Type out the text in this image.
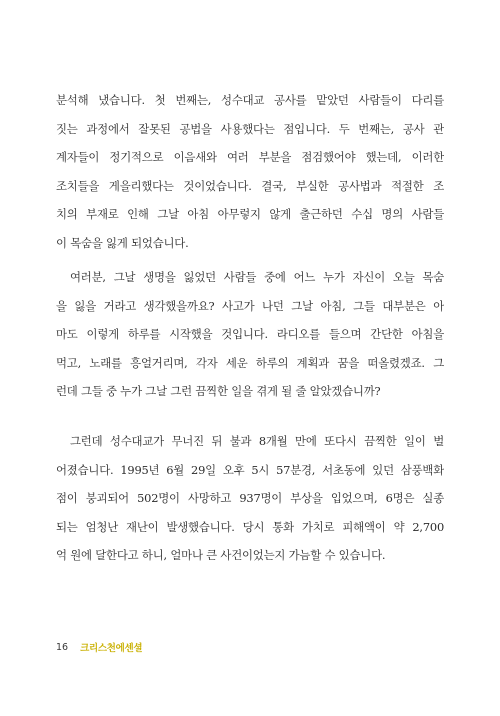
분석해 냈습니다. 첫 번째는, 성수대교 공사를 맡았던 사람들이 다리를
짓는 과정에서 잘못된 공법을 사용했다는 점입니다. 두 번째는, 공사 관
계자들이 정기적으로 이음새와 여러 부분을 점검했어야 했는데, 이러한
조치들을 게을리했다는 것이었습니다. 결국, 부실한 공사법과 적절한 조
치의 부재로 인해 그날 아침 아무렇지 않게 출근하던 수십 명의 사람들
이 목숨을 잃게 되었습니다.

여러분, 그날 생명을 잃었던 사람들 중에 어느 누가 자신이 오늘 목숨
을 잃을 거라고 생각했을까요? 사고가 나던 그날 아침, 그들 대부분은 아
마도 이렇게 하루를 시작했을 것입니다. 라디오를 들으며 간단한 아침을
먹고, 노래를 흥얼거리며, 각자 세운 하루의 계획과 꿈을 떠올렸겠죠. 그
런데 그들 중 누가 그날 그런 끔찍한 일을 겪게 될 줄 알았겠습니까?

그런데 성수대교가 무너진 뒤 불과 8개월 만에 또다시 끔찍한 일이 벌
어졌습니다. 1995년 6월 29일 오후 5시 57분경, 서초동에 있던 삼풍백화
점이 붕괴되어 502명이 사망하고 937명이 부상을 입었으며, 6명은 실종
되는 엄청난 재난이 발생했습니다. 당시 통화 가치로 피해액이 약 2,700
억 원에 달한다고 하니, 얼마나 큰 사건이었는지 가늠할 수 있습니다.

16 크리스천에센셜
